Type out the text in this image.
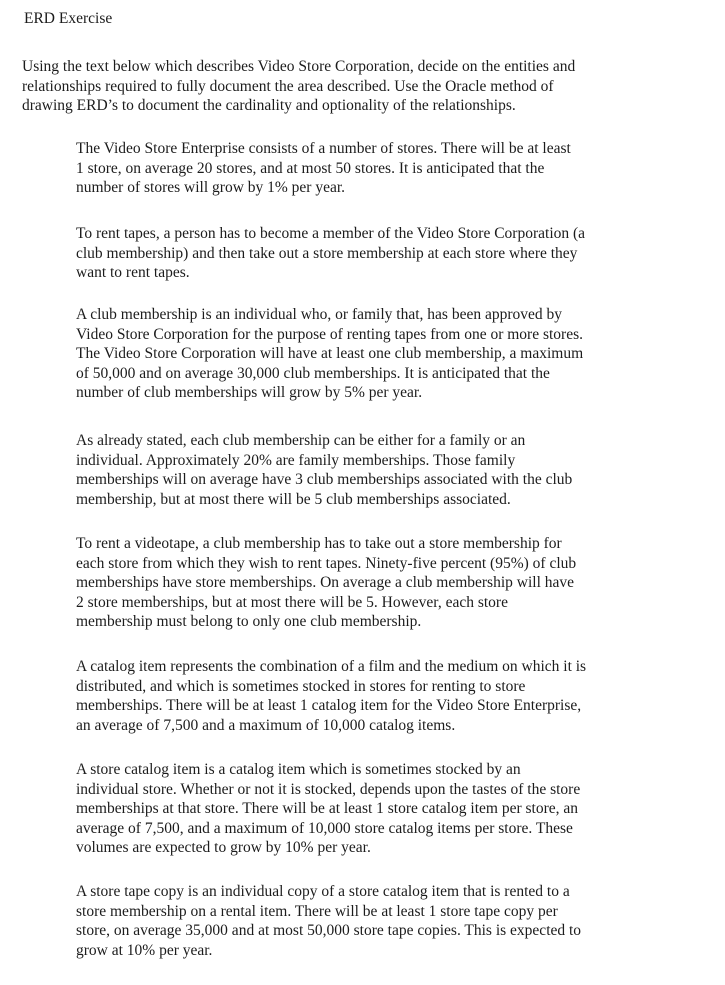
ERD Exercise

Using the text below which describes Video Store Corporation, decide on the entities and
relationships required to fully document the area described. Use the Oracle method of
drawing ERD’s to document the cardinality and optionality of the relationships.

The Video Store Enterprise consists of a number of stores. There will be at least
1 store, on average 20 stores, and at most 50 stores. It is anticipated that the
number of stores will grow by 1% per year.

To rent tapes, a person has to become a member of the Video Store Corporation (a
club membership) and then take out a store membership at each store where they
want to rent tapes.

A club membership is an individual who, or family that, has been approved by
Video Store Corporation for the purpose of renting tapes from one or more stores.
The Video Store Corporation will have at least one club membership, a maximum
of 50,000 and on average 30,000 club memberships. It is anticipated that the
number of club memberships will grow by 5% per year.

As already stated, each club membership can be either for a family or an
individual. Approximately 20% are family memberships. Those family
memberships will on average have 3 club memberships associated with the club
membership, but at most there will be 5 club memberships associated.

To rent a videotape, a club membership has to take out a store membership for
each store from which they wish to rent tapes. Ninety-five percent (95%) of club
memberships have store memberships. On average a club membership will have
2 store memberships, but at most there will be 5. However, each store
membership must belong to only one club membership.

A catalog item represents the combination of a film and the medium on which it is
distributed, and which is sometimes stocked in stores for renting to store
memberships. There will be at least 1 catalog item for the Video Store Enterprise,
an average of 7,500 and a maximum of 10,000 catalog items.

A store catalog item is a catalog item which is sometimes stocked by an
individual store. Whether or not it is stocked, depends upon the tastes of the store
memberships at that store. There will be at least 1 store catalog item per store, an
average of 7,500, and a maximum of 10,000 store catalog items per store. These
volumes are expected to grow by 10% per year.

A store tape copy is an individual copy of a store catalog item that is rented to a
store membership on a rental item. There will be at least 1 store tape copy per
store, on average 35,000 and at most 50,000 store tape copies. This is expected to
grow at 10% per year.
